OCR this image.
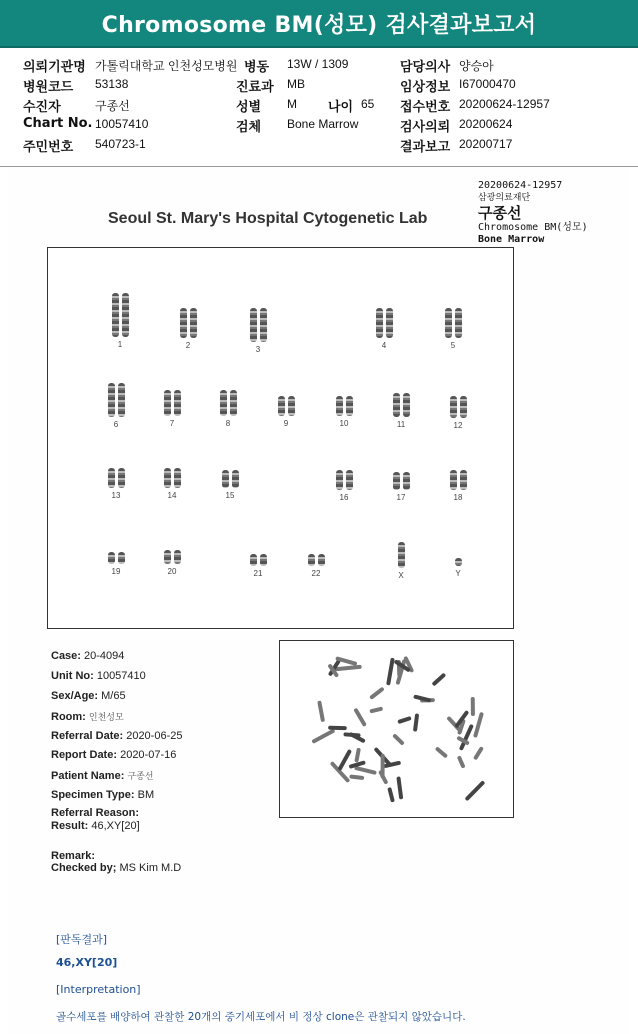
Chromosome BM(성모) 검사결과보고서
의뢰기관명 가톨릭대학교 인천성모병원 병동 13W / 1309	담당의사 양승아
병원코드 53138	진료과 MB	임상정보 I67000470
수진자	구종선	성별 M 나이 65 접수번호 20200624-12957
Chart No. 10057410	검체 Bone Marrow	검사의뢰 20200624
주민번호 540723-1	결과보고 20200717
20200624-12957
삼광의료재단
구종선
Chromosome BM(성모)
Bone Marrow
Seoul St. Mary's Hospital Cytogenetic Lab
1	2	3	4	5
6	7	8	9	10	11	12
13	14	15	16	17	18
19	20	21	22	X	Y
Case: 20-4094
Unit No: 10057410
Sex/Age: M/65
Room: 인천성모
Referral Date: 2020-06-25
Report Date: 2020-07-16
Patient Name: 구종선
Specimen Type: BM
Referral Reason:
Result: 46,XY[20]
Remark:
Checked by; MS Kim M.D
[판독결과]
46,XY[20]
[Interpretation]
골수세포를 배양하여 관찰한 20개의 중기세포에서 비 정상 clone은 관찰되지 않았습니다.
